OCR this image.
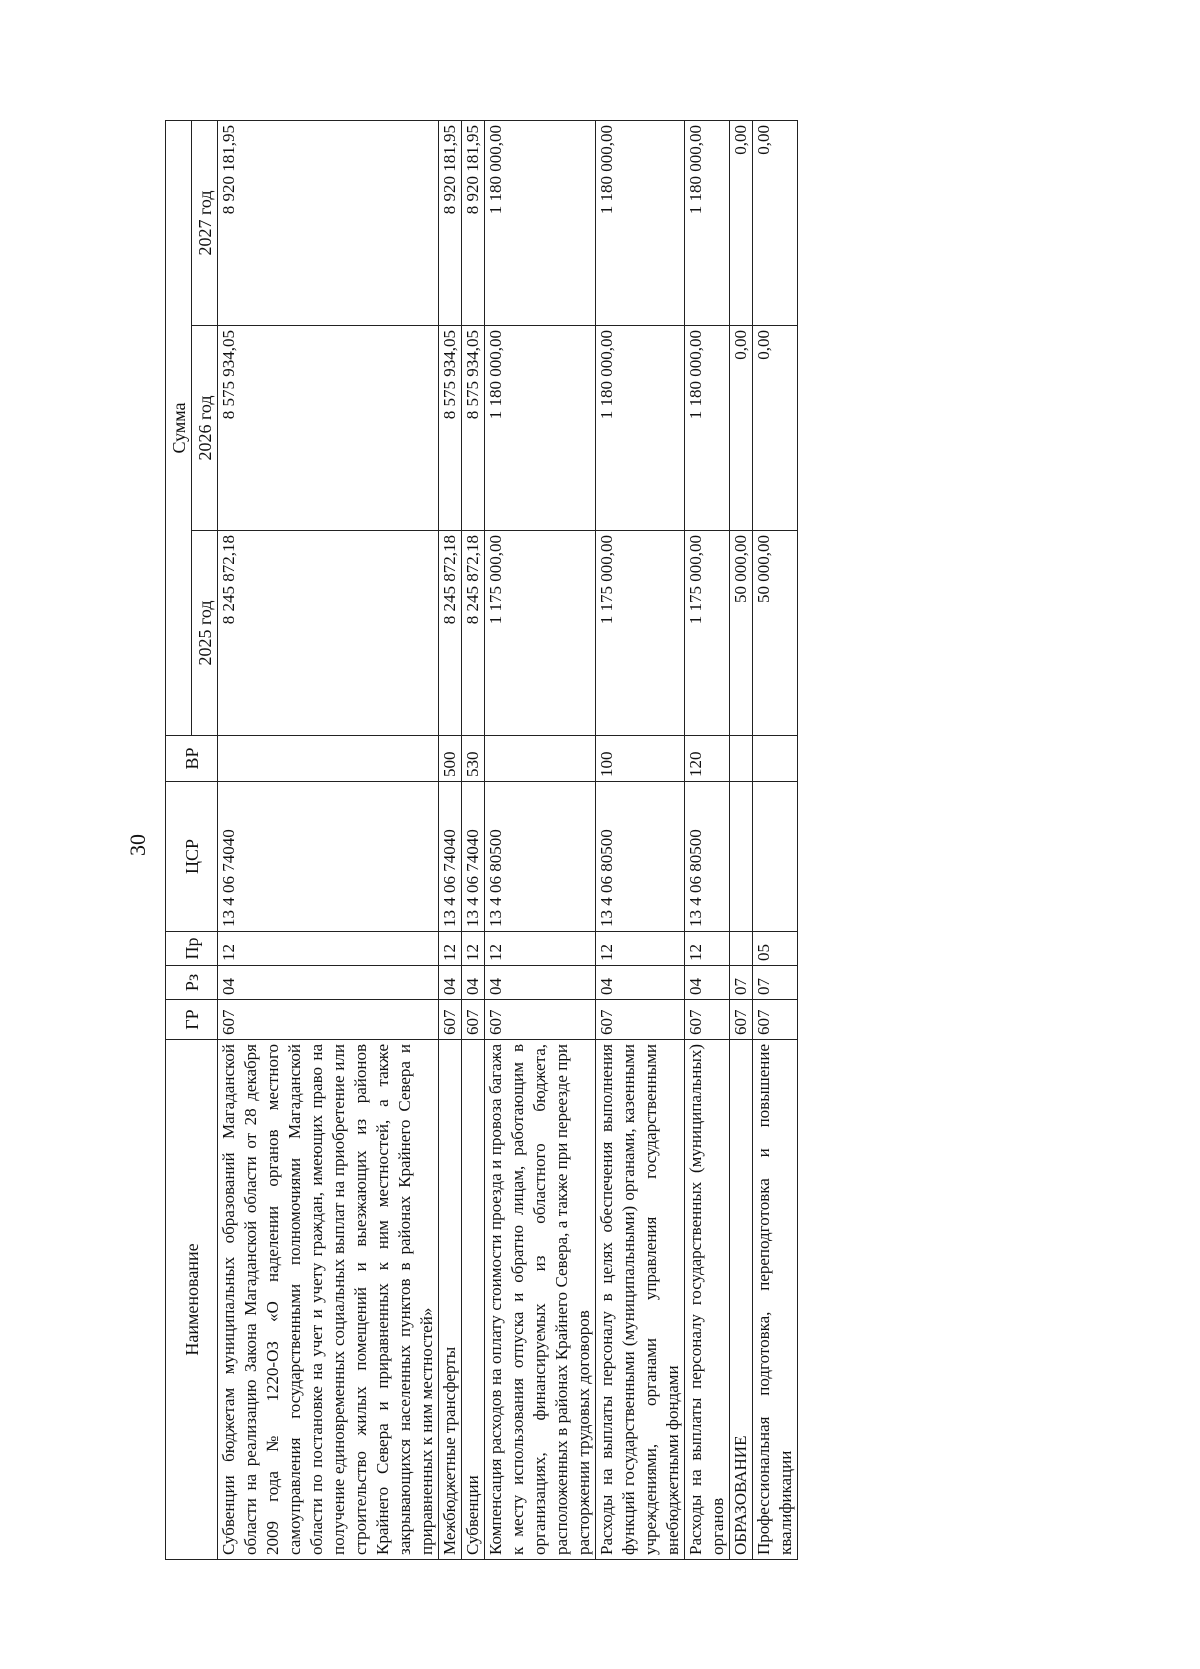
30
Наименование	ГР	Рз	Пр	ЦСР	ВР	Сумма		
						2025 год	2026 год	2027 год
Субвенции бюджетам муниципальных образований Магаданской области на реализацию Закона Магаданской области от 28 декабря 2009 года № 1220-ОЗ «О наделении органов местного самоуправления государственными полномочиями Магаданской области по постановке на учет и учету граждан, имеющих право на получение единовременных социальных выплат на приобретение или строительство жилых помещений и выезжающих из районов Крайнего Севера и приравненных к ним местностей, а также закрывающихся населенных пунктов в районах Крайнего Севера и приравненных к ним местностей»	607	04	12	13 4 06 74040		8 245 872,18	8 575 934,05	8 920 181,95
Межбюджетные трансферты	607	04	12	13 4 06 74040	500	8 245 872,18	8 575 934,05	8 920 181,95
Субвенции	607	04	12	13 4 06 74040	530	8 245 872,18	8 575 934,05	8 920 181,95
Компенсация расходов на оплату стоимости проезда и провоза багажа к месту использования отпуска и обратно лицам, работающим в организациях, финансируемых из областного бюджета, расположенных в районах Крайнего Севера, а также при переезде при расторжении трудовых договоров	607	04	12	13 4 06 80500		1 175 000,00	1 180 000,00	1 180 000,00
Расходы на выплаты персоналу в целях обеспечения выполнения функций государственными (муниципальными) органами, казенными учреждениями, органами управления государственными внебюджетными фондами	607	04	12	13 4 06 80500	100	1 175 000,00	1 180 000,00	1 180 000,00
Расходы на выплаты персоналу государственных (муниципальных) органов	607	04	12	13 4 06 80500	120	1 175 000,00	1 180 000,00	1 180 000,00
ОБРАЗОВАНИЕ	607	07				50 000,00	0,00	0,00
Профессиональная подготовка, переподготовка и повышение квалификации	607	07	05			50 000,00	0,00	0,00
